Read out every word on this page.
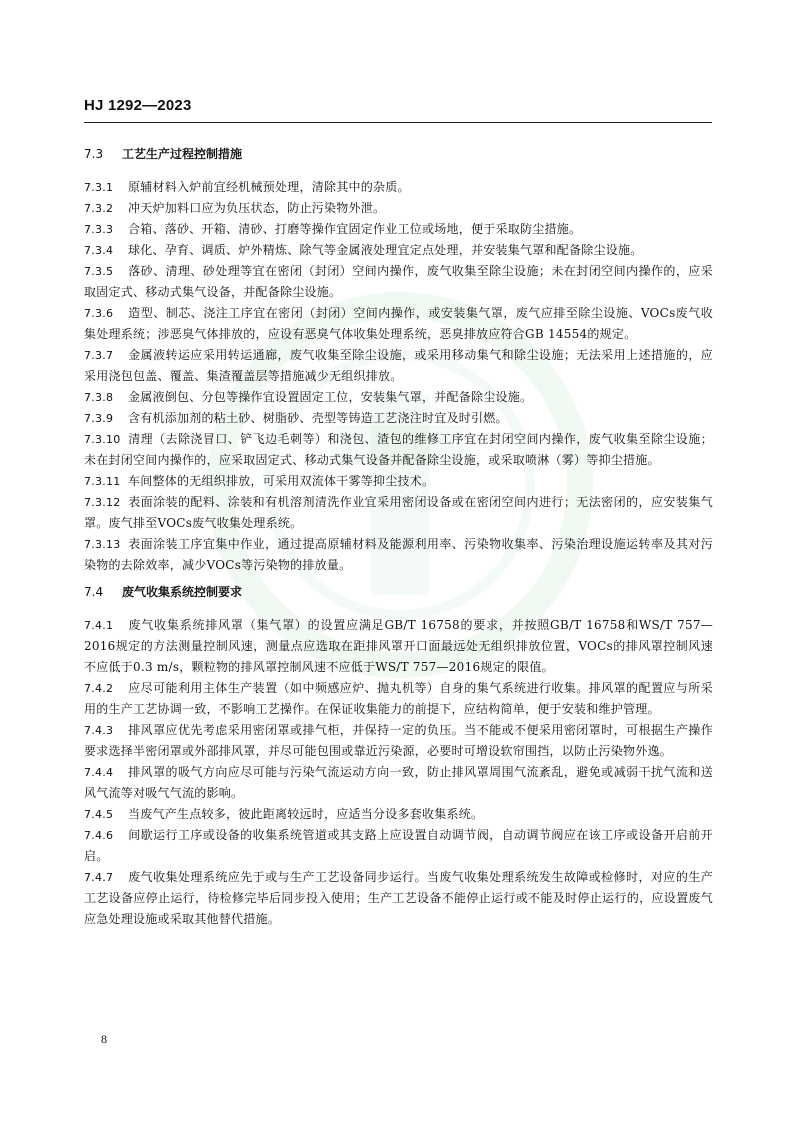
HJ 1292—2023
7.3 工艺生产过程控制措施

7.3.1 原辅材料入炉前宜经机械预处理，清除其中的杂质。

7.3.2 冲天炉加料口应为负压状态，防止污染物外泄。

7.3.3 合箱、落砂、开箱、清砂、打磨等操作宜固定作业工位或场地，便于采取防尘措施。

7.3.4 球化、孕育、调质、炉外精炼、除气等金属液处理宜定点处理，并安装集气罩和配备除尘设施。

7.3.5 落砂、清理、砂处理等宜在密闭（封闭）空间内操作，废气收集至除尘设施；未在封闭空间内操作的，应采取固定式、移动式集气设备，并配备除尘设施。

7.3.6 造型、制芯、浇注工序宜在密闭（封闭）空间内操作，或安装集气罩，废气应排至除尘设施、VOCs废气收集处理系统；涉恶臭气体排放的，应设有恶臭气体收集处理系统，恶臭排放应符合GB 14554的规定。

7.3.7 金属液转运应采用转运通廊，废气收集至除尘设施，或采用移动集气和除尘设施；无法采用上述措施的，应采用浇包包盖、覆盖、集渣覆盖层等措施减少无组织排放。

7.3.8 金属液倒包、分包等操作宜设置固定工位，安装集气罩，并配备除尘设施。

7.3.9 含有机添加剂的粘土砂、树脂砂、壳型等铸造工艺浇注时宜及时引燃。

7.3.10 清理（去除浇冒口、铲飞边毛刺等）和浇包、渣包的维修工序宜在封闭空间内操作，废气收集至除尘设施；未在封闭空间内操作的，应采取固定式、移动式集气设备并配备除尘设施，或采取喷淋（雾）等抑尘措施。

7.3.11 车间整体的无组织排放，可采用双流体干雾等抑尘技术。

7.3.12 表面涂装的配料、涂装和有机溶剂清洗作业宜采用密闭设备或在密闭空间内进行；无法密闭的，应安装集气罩。废气排至VOCs废气收集处理系统。

7.3.13 表面涂装工序宜集中作业，通过提高原辅材料及能源利用率、污染物收集率、污染治理设施运转率及其对污染物的去除效率，减少VOCs等污染物的排放量。

7.4 废气收集系统控制要求

7.4.1 废气收集系统排风罩（集气罩）的设置应满足GB/T 16758的要求，并按照GB/T 16758和WS/T 757—2016规定的方法测量控制风速，测量点应选取在距排风罩开口面最远处无组织排放位置，VOCs的排风罩控制风速不应低于0.3 m/s，颗粒物的排风罩控制风速不应低于WS/T 757—2016规定的限值。

7.4.2 应尽可能利用主体生产装置（如中频感应炉、抛丸机等）自身的集气系统进行收集。排风罩的配置应与所采用的生产工艺协调一致，不影响工艺操作。在保证收集能力的前提下，应结构简单，便于安装和维护管理。

7.4.3 排风罩应优先考虑采用密闭罩或排气柜，并保持一定的负压。当不能或不便采用密闭罩时，可根据生产操作要求选择半密闭罩或外部排风罩，并尽可能包围或靠近污染源，必要时可增设软帘围挡，以防止污染物外逸。

7.4.4 排风罩的吸气方向应尽可能与污染气流运动方向一致，防止排风罩周围气流紊乱，避免或减弱干扰气流和送风气流等对吸气气流的影响。

7.4.5 当废气产生点较多，彼此距离较远时，应适当分设多套收集系统。

7.4.6 间歇运行工序或设备的收集系统管道或其支路上应设置自动调节阀，自动调节阀应在该工序或设备开启前开启。

7.4.7 废气收集处理系统应先于或与生产工艺设备同步运行。当废气收集处理系统发生故障或检修时，对应的生产工艺设备应停止运行，待检修完毕后同步投入使用；生产工艺设备不能停止运行或不能及时停止运行的，应设置废气应急处理设施或采取其他替代措施。

8
